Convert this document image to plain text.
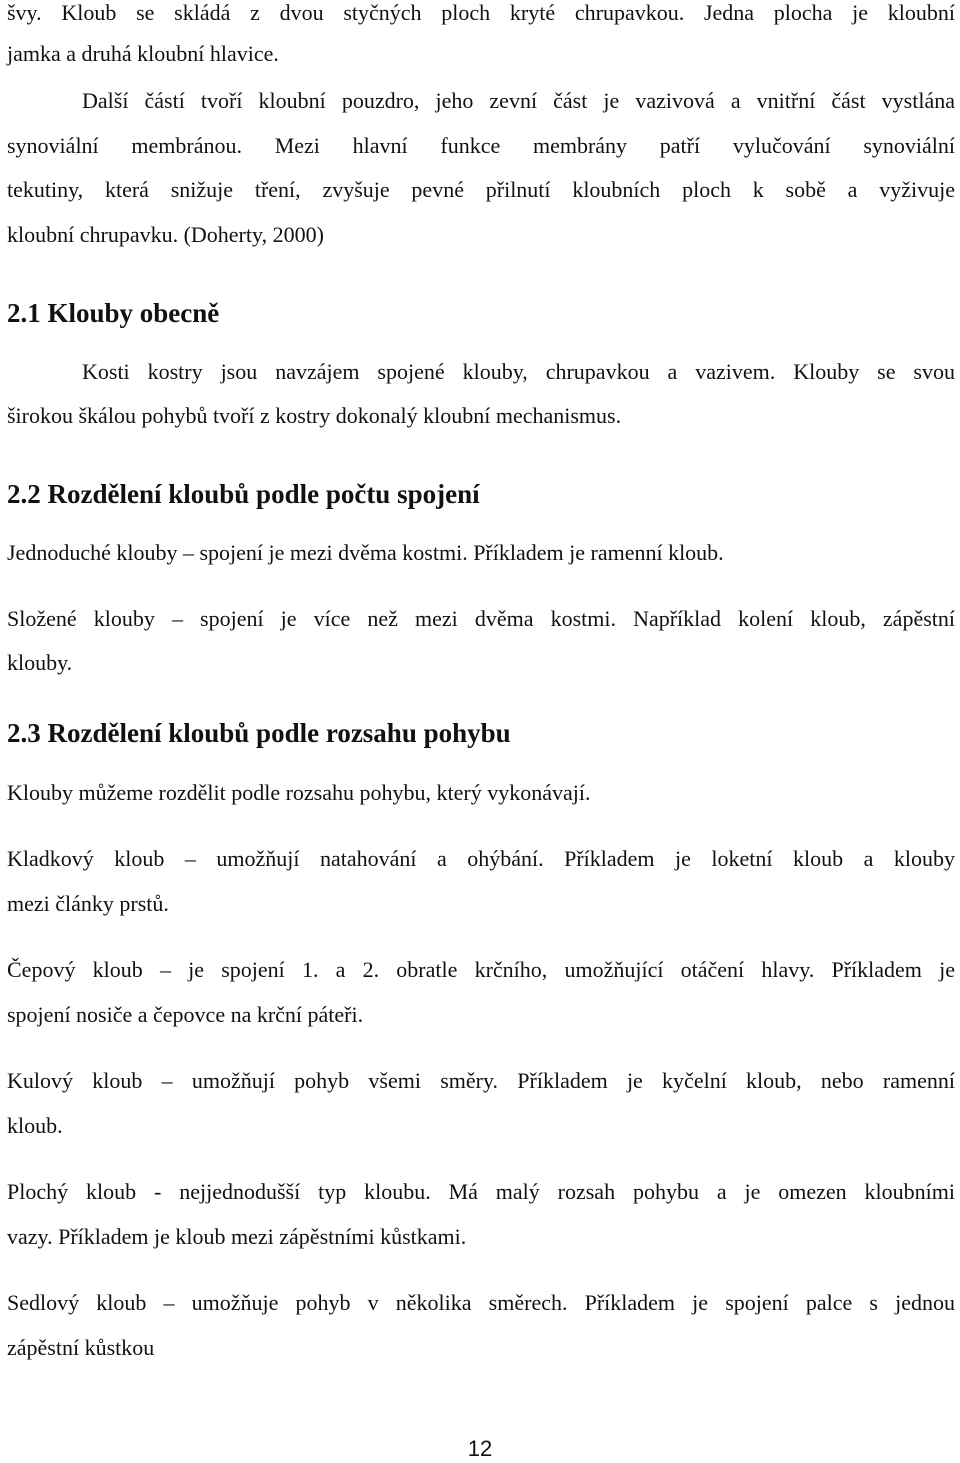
švy. Kloub se skládá z dvou styčných ploch kryté chrupavkou. Jedna plocha je kloubní
jamka a druhá kloubní hlavice.
Další částí tvoří kloubní pouzdro, jeho zevní část je vazivová a vnitřní část vystlána
synoviální membránou. Mezi hlavní funkce membrány patří vylučování synoviální
tekutiny, která snižuje tření, zvyšuje pevné přilnutí kloubních ploch k sobě a vyživuje
kloubní chrupavku. (Doherty, 2000)
2.1 Klouby obecně
Kosti kostry jsou navzájem spojené klouby, chrupavkou a vazivem. Klouby se svou
širokou škálou pohybů tvoří z kostry dokonalý kloubní mechanismus.
2.2 Rozdělení kloubů podle počtu spojení
Jednoduché klouby – spojení je mezi dvěma kostmi. Příkladem je ramenní kloub.
Složené klouby – spojení je více než mezi dvěma kostmi. Například kolení kloub, zápěstní
klouby.
2.3 Rozdělení kloubů podle rozsahu pohybu
Klouby můžeme rozdělit podle rozsahu pohybu, který vykonávají.
Kladkový kloub – umožňují natahování a ohýbání. Příkladem je loketní kloub a klouby
mezi články prstů.
Čepový kloub – je spojení 1. a 2. obratle krčního, umožňující otáčení hlavy. Příkladem je
spojení nosiče a čepovce na krční páteři.
Kulový kloub – umožňují pohyb všemi směry. Příkladem je kyčelní kloub, nebo ramenní
kloub.
Plochý kloub - nejjednodušší typ kloubu. Má malý rozsah pohybu a je omezen kloubními
vazy. Příkladem je kloub mezi zápěstními kůstkami.
Sedlový kloub – umožňuje pohyb v několika směrech. Příkladem je spojení palce s jednou
zápěstní kůstkou
12
